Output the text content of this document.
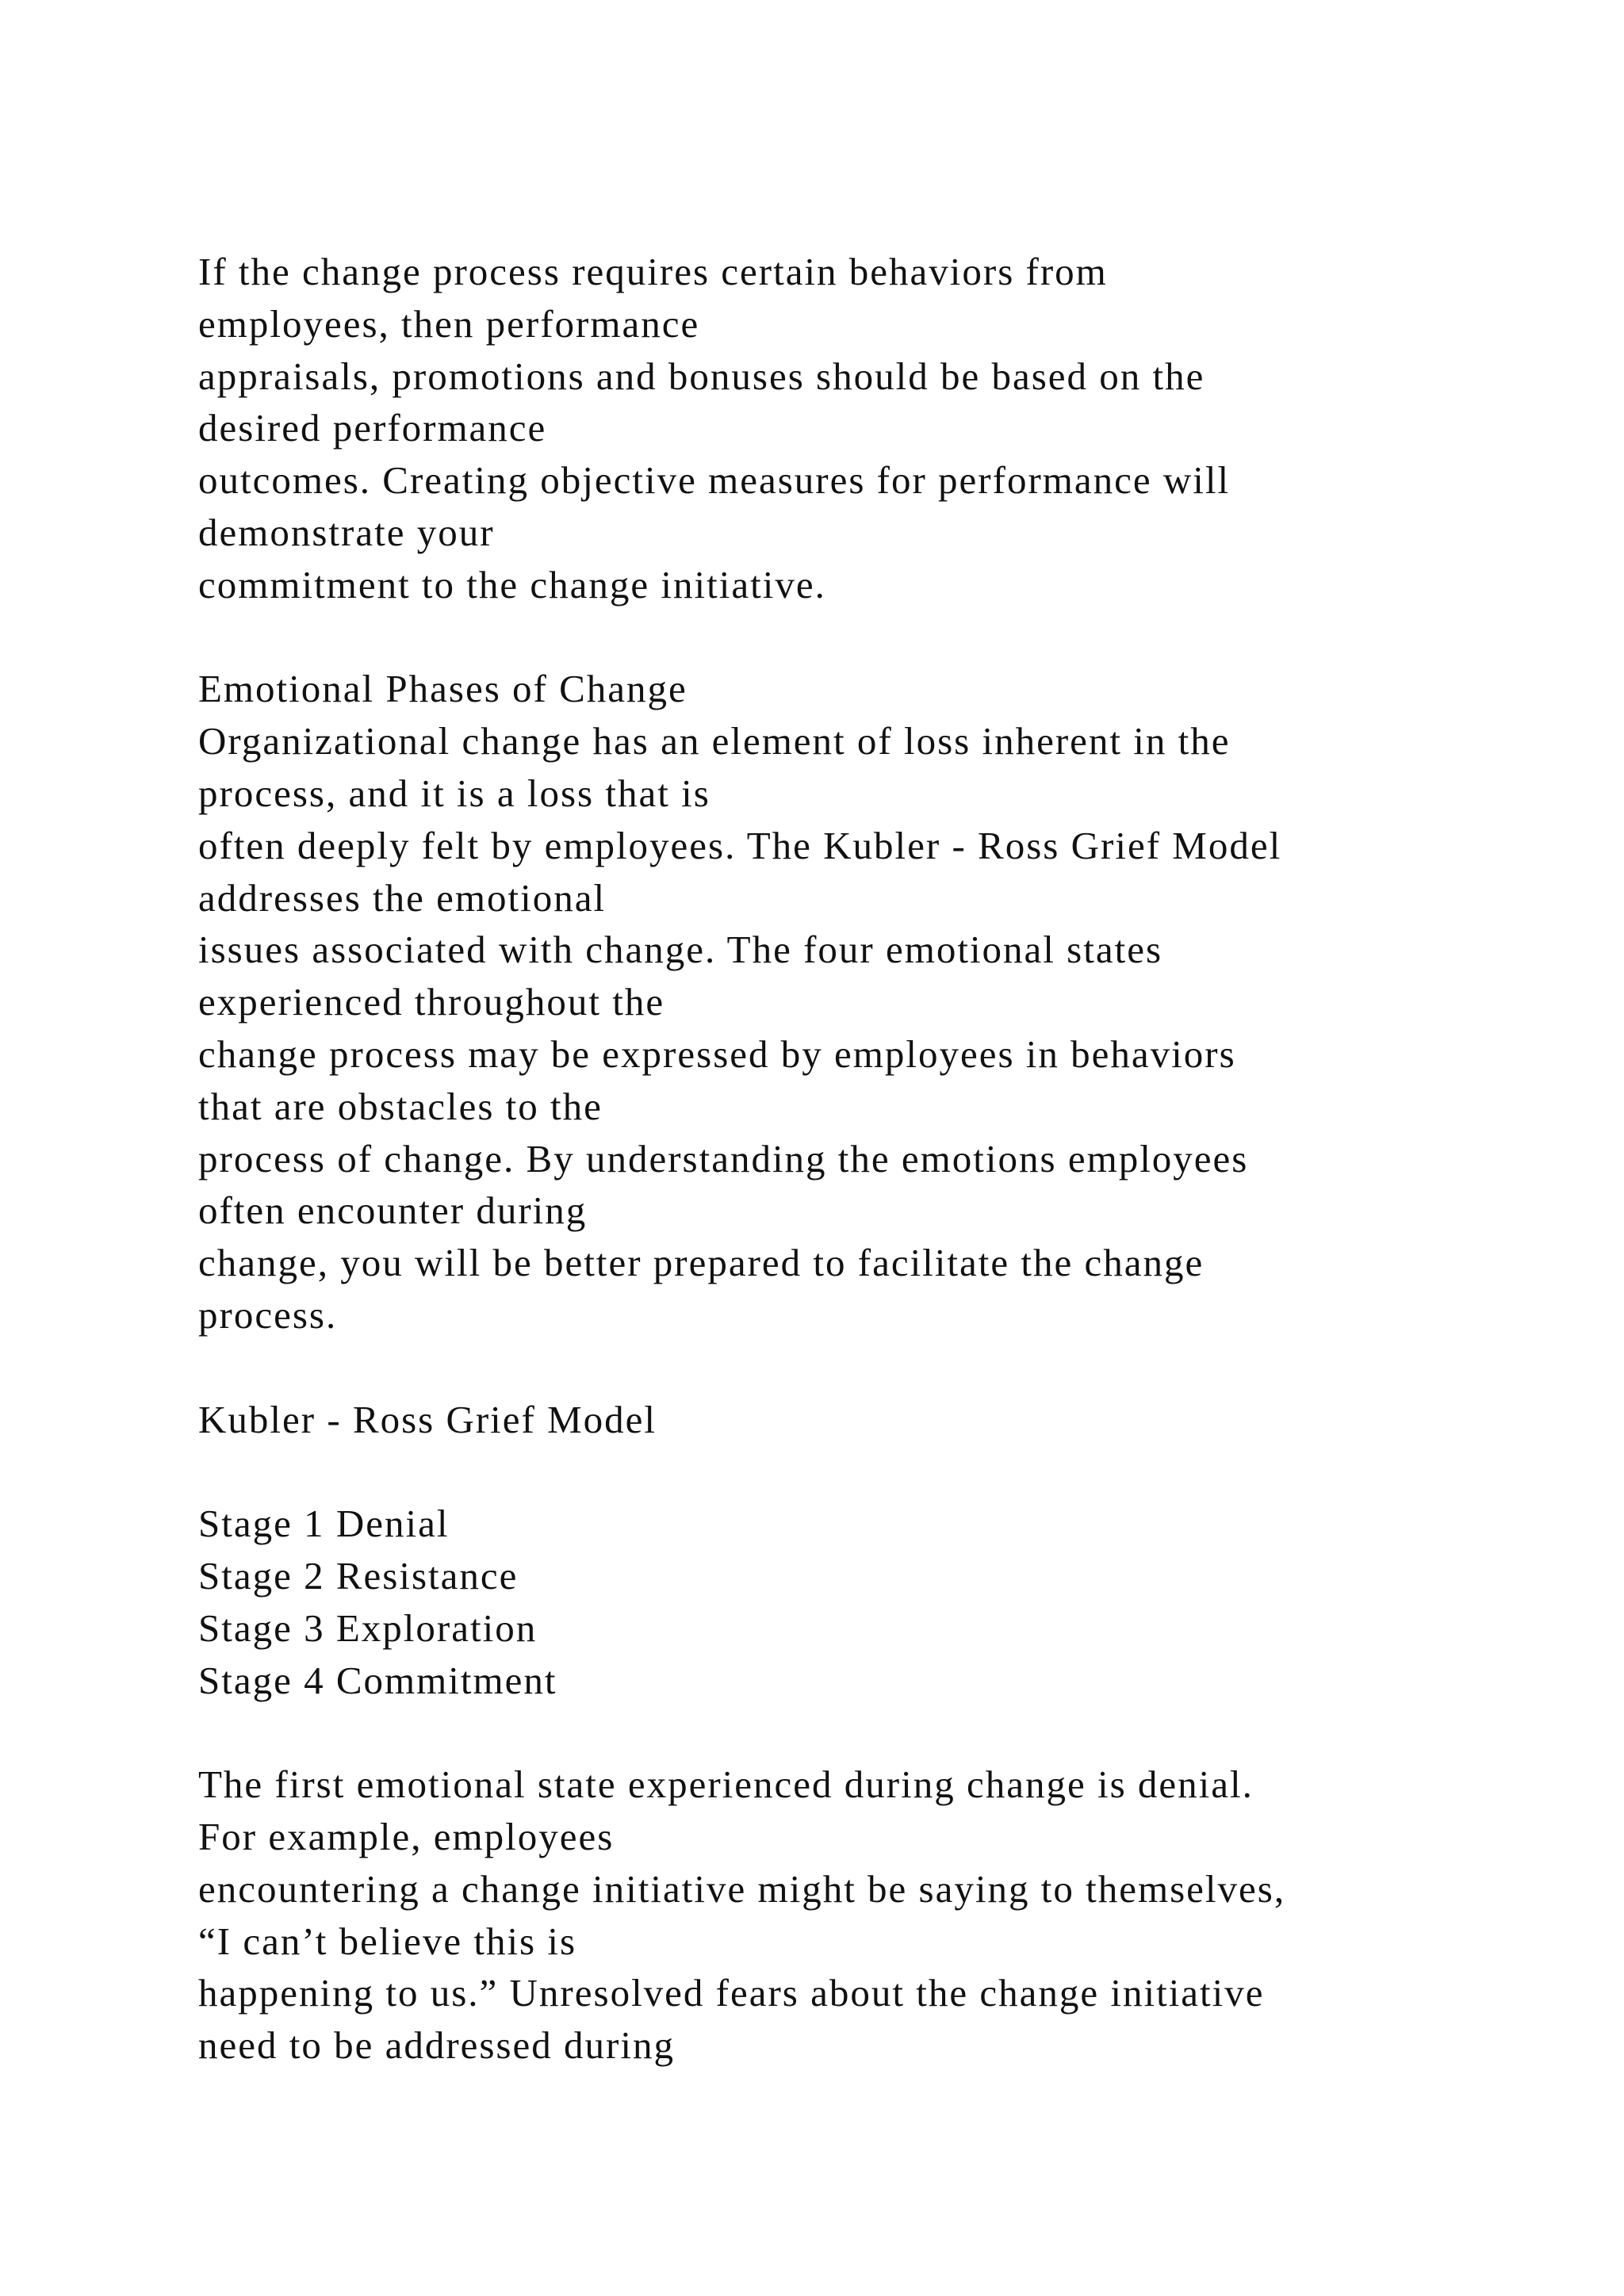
If the change process requires certain behaviors from
employees, then performance
appraisals, promotions and bonuses should be based on the
desired performance
outcomes. Creating objective measures for performance will
demonstrate your
commitment to the change initiative.
Emotional Phases of Change
Organizational change has an element of loss inherent in the
process, and it is a loss that is
often deeply felt by employees. The Kubler - Ross Grief Model
addresses the emotional
issues associated with change. The four emotional states
experienced throughout the
change process may be expressed by employees in behaviors
that are obstacles to the
process of change. By understanding the emotions employees
often encounter during
change, you will be better prepared to facilitate the change
process.
Kubler - Ross Grief Model
Stage 1 Denial
Stage 2 Resistance
Stage 3 Exploration
Stage 4 Commitment
The first emotional state experienced during change is denial.
For example, employees
encountering a change initiative might be saying to themselves,
“I can’t believe this is
happening to us.” Unresolved fears about the change initiative
need to be addressed during
